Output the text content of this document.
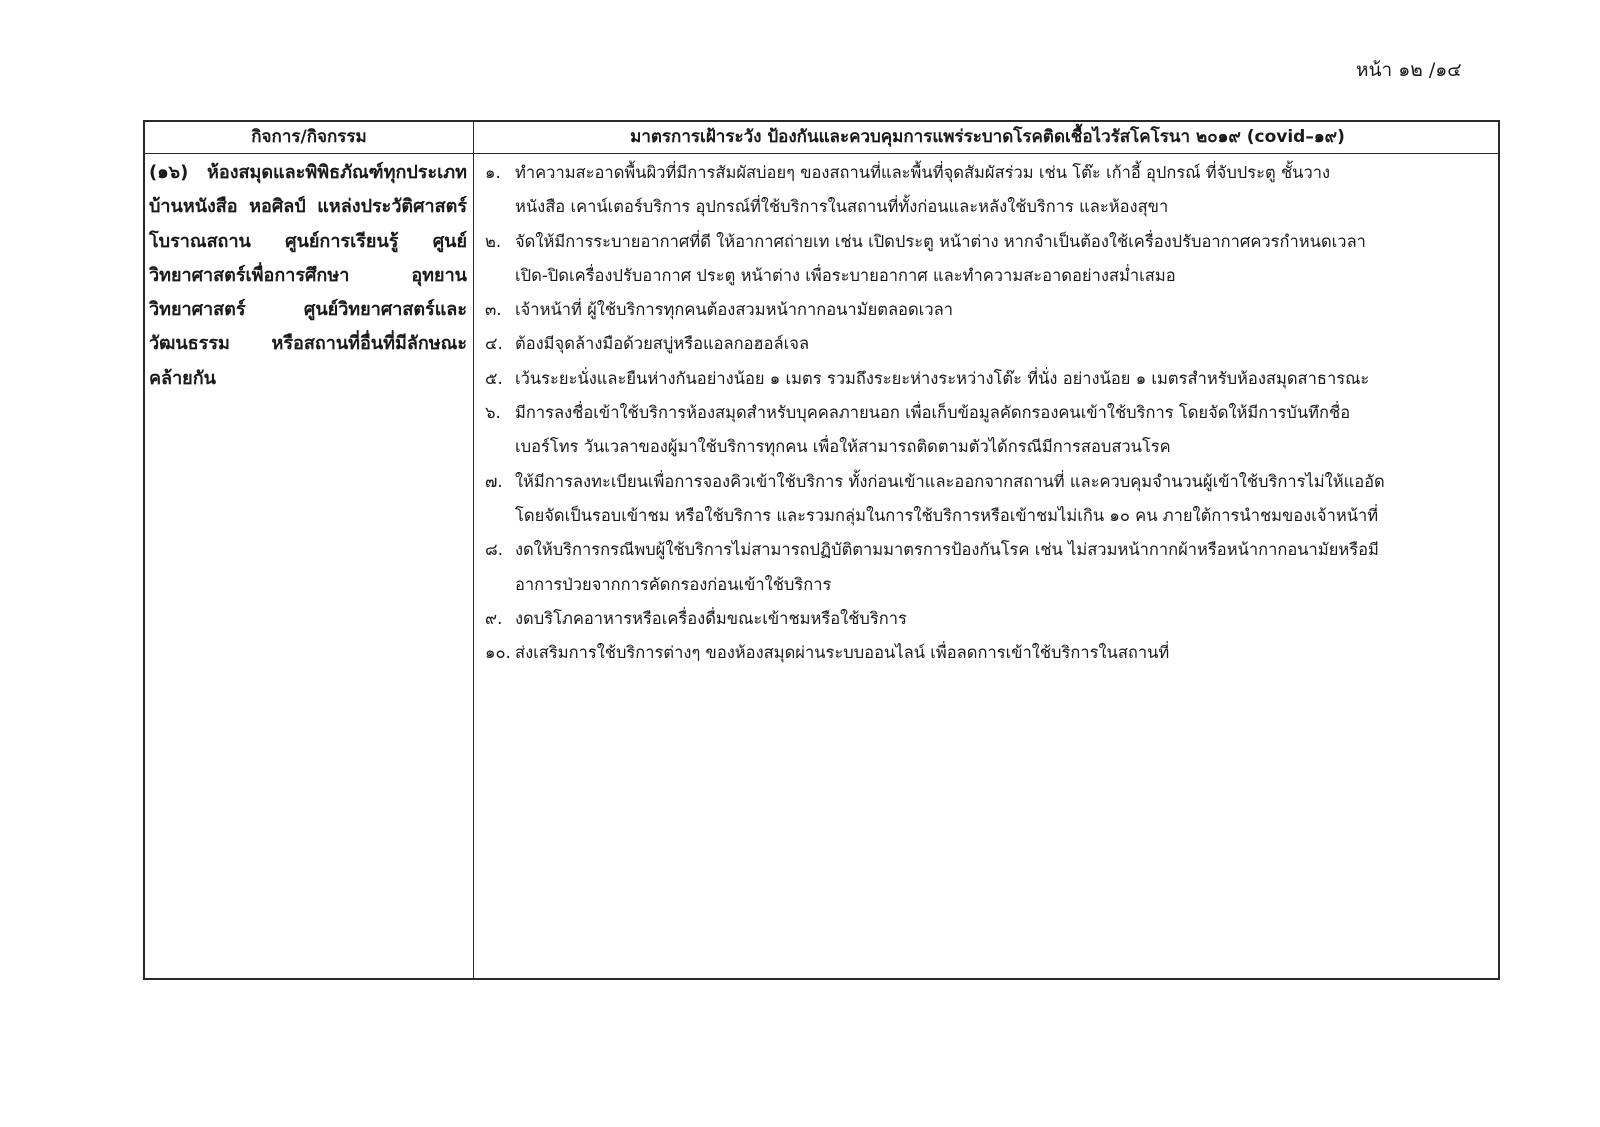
หน้า ๑๒ /๑๔
กิจการ/กิจกรรม	มาตรการเฝ้าระวัง ป้องกันและควบคุมการแพร่ระบาดโรคติดเชื้อไวรัสโคโรนา ๒๐๑๙ (covid–๑๙)
(๑๖) ห้องสมุดและพิพิธภัณฑ์ทุกประเภท บ้านหนังสือ หอศิลป์ แหล่งประวัติศาสตร์ โบราณสถาน ศูนย์การเรียนรู้ ศูนย์วิทยาศาสตร์เพื่อการศึกษา อุทยานวิทยาศาสตร์ ศูนย์วิทยาศาสตร์และวัฒนธรรม หรือสถานที่อื่นที่มีลักษณะคล้ายกัน
๑. ทำความสะอาดพื้นผิวที่มีการสัมผัสบ่อยๆ ของสถานที่และพื้นที่จุดสัมผัสร่วม เช่น โต๊ะ เก้าอี้ อุปกรณ์ ที่จับประตู ชั้นวาง
หนังสือ เคาน์เตอร์บริการ อุปกรณ์ที่ใช้บริการในสถานที่ทั้งก่อนและหลังใช้บริการ และห้องสุขา
๒. จัดให้มีการระบายอากาศที่ดี ให้อากาศถ่ายเท เช่น เปิดประตู หน้าต่าง หากจำเป็นต้องใช้เครื่องปรับอากาศควรกำหนดเวลา
เปิด-ปิดเครื่องปรับอากาศ ประตู หน้าต่าง เพื่อระบายอากาศ และทำความสะอาดอย่างสม่ำเสมอ
๓. เจ้าหน้าที่ ผู้ใช้บริการทุกคนต้องสวมหน้ากากอนามัยตลอดเวลา
๔. ต้องมีจุดล้างมือด้วยสบู่หรือแอลกอฮอล์เจล
๕. เว้นระยะนั่งและยืนห่างกันอย่างน้อย ๑ เมตร รวมถึงระยะห่างระหว่างโต๊ะ ที่นั่ง อย่างน้อย ๑ เมตรสำหรับห้องสมุดสาธารณะ
๖. มีการลงชื่อเข้าใช้บริการห้องสมุดสำหรับบุคคลภายนอก เพื่อเก็บข้อมูลคัดกรองคนเข้าใช้บริการ โดยจัดให้มีการบันทึกชื่อ
เบอร์โทร วันเวลาของผู้มาใช้บริการทุกคน เพื่อให้สามารถติดตามตัวได้กรณีมีการสอบสวนโรค
๗. ให้มีการลงทะเบียนเพื่อการจองคิวเข้าใช้บริการ ทั้งก่อนเข้าและออกจากสถานที่ และควบคุมจำนวนผู้เข้าใช้บริการไม่ให้แออัด
โดยจัดเป็นรอบเข้าชม หรือใช้บริการ และรวมกลุ่มในการใช้บริการหรือเข้าชมไม่เกิน ๑๐ คน ภายใต้การนำชมของเจ้าหน้าที่
๘. งดให้บริการกรณีพบผู้ใช้บริการไม่สามารถปฏิบัติตามมาตรการป้องกันโรค เช่น ไม่สวมหน้ากากผ้าหรือหน้ากากอนามัยหรือมี
อาการป่วยจากการคัดกรองก่อนเข้าใช้บริการ
๙. งดบริโภคอาหารหรือเครื่องดื่มขณะเข้าชมหรือใช้บริการ
๑๐. ส่งเสริมการใช้บริการต่างๆ ของห้องสมุดผ่านระบบออนไลน์ เพื่อลดการเข้าใช้บริการในสถานที่
